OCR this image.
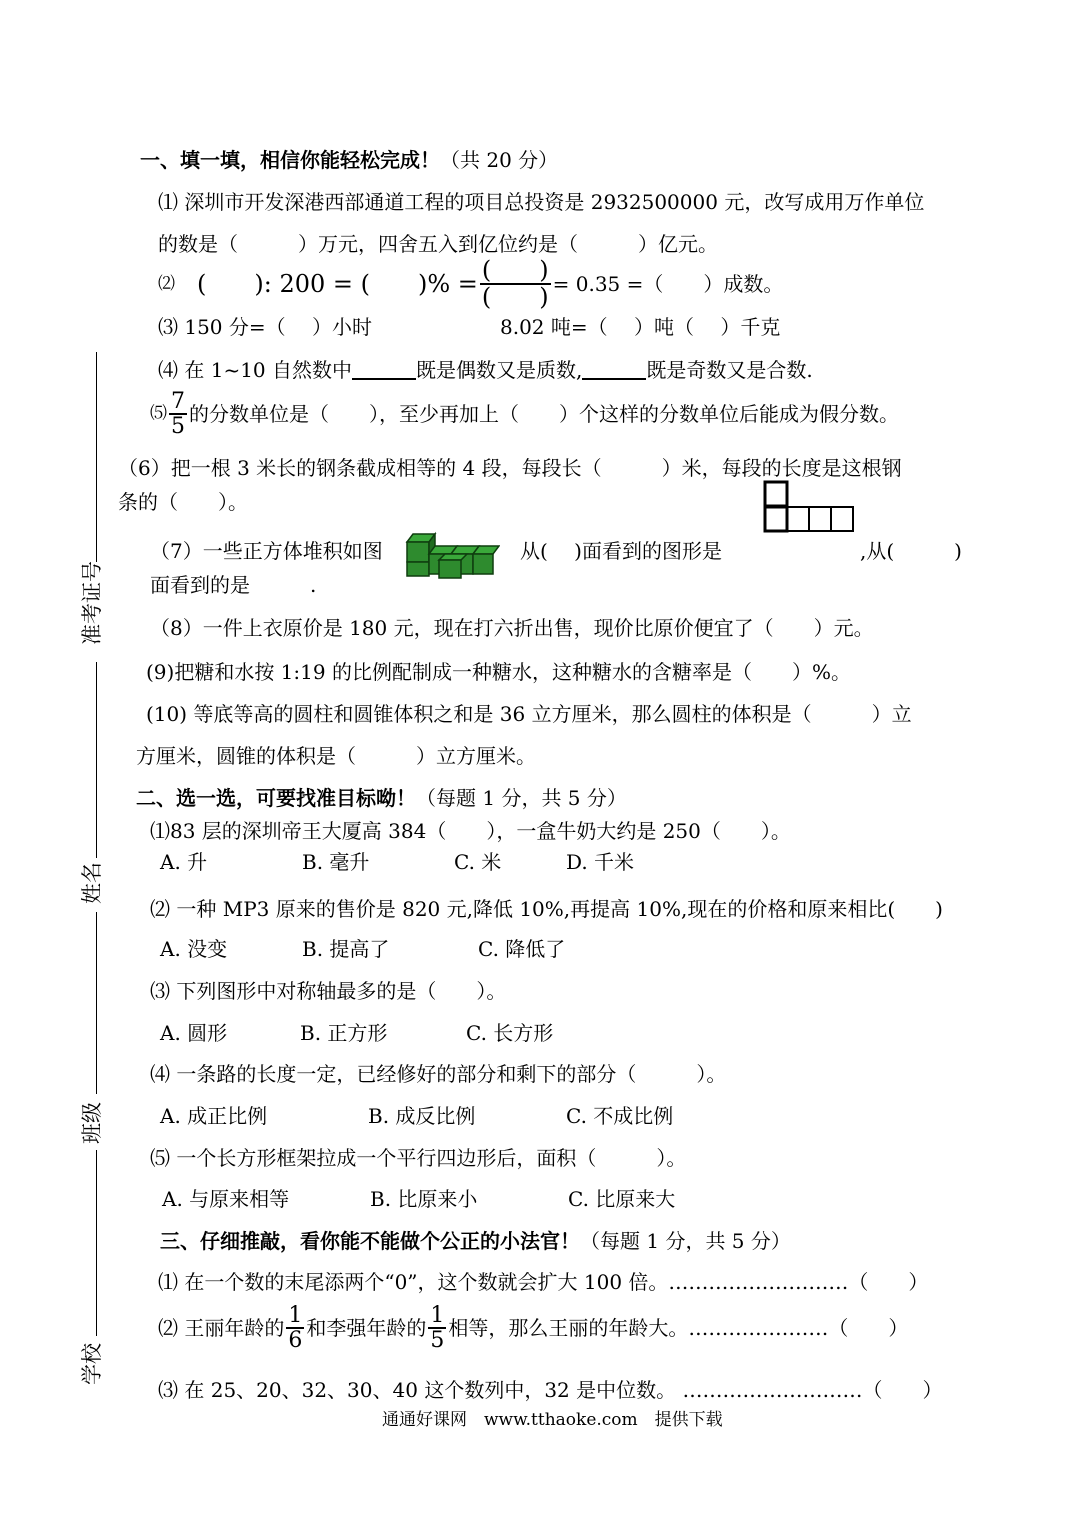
准考证号
姓名
班级
学校
一、填一填，相信你能轻松完成！（共 20 分）
⑴ 深圳市开发深港西部通道工程的项目总投资是 2932500000 元，改写成用万作单位
的数是（　　　）万元，四舍五入到亿位约是（　　　）亿元。
⑵ (　　): 200 = (　　)% = $\frac{( )}{( )} = 0.35$ =（　　）成数。
⑶ 150 分=（　 ）小时	8.02 吨=（　 ）吨（　 ）千克
⑷ 在 1~10 自然数中	既是偶数又是质数,	既是奇数又是合数.
⑸ $\frac{7}{5}$ 的分数单位是（　　），至少再加上（　　）个这样的分数单位后能成为假分数。
（6）把一根 3 米长的钢条截成相等的 4 段，每段长（　　　）米，每段的长度是这根钢
条的（　　）。
（7）一些正方体堆积如图	从(　 )面看到的图形是	,从(　　　)
面看到的是　　　.
（8）一件上衣原价是 180 元，现在打六折出售，现价比原价便宜了（　　）元。
(9)把糖和水按 1:19 的比例配制成一种糖水，这种糖水的含糖率是（　　）%。
(10) 等底等高的圆柱和圆锥体积之和是 36 立方厘米，那么圆柱的体积是（　　　）立
方厘米，圆锥的体积是（　　　）立方厘米。
二、选一选，可要找准目标呦！（每题 1 分，共 5 分）
⑴83 层的深圳帝王大厦高 384（　　），一盒牛奶大约是 250（　　）。
A. 升	B. 毫升	C. 米	D. 千米
⑵ 一种 MP3 原来的售价是 820 元,降低 10%,再提高 10%,现在的价格和原来相比(　　)
A. 没变	B. 提高了	C. 降低了
⑶ 下列图形中对称轴最多的是（　　）。
A. 圆形	B. 正方形	C. 长方形
⑷ 一条路的长度一定，已经修好的部分和剩下的部分（　　　）。
A. 成正比例	B. 成反比例	C. 不成比例
⑸ 一个长方形框架拉成一个平行四边形后，面积（　　　）。
A. 与原来相等	B. 比原来小	C. 比原来大
三、仔细推敲，看你能不能做个公正的小法官！（每题 1 分，共 5 分）
⑴ 在一个数的末尾添两个“0”，这个数就会扩大 100 倍。………………………（　　）
⑵ 王丽年龄的 $\frac{1}{6}$ 和李强年龄的 $\frac{1}{5}$ 相等，那么王丽的年龄大。…………………（　　）
⑶ 在 25、20、32、30、40 这个数列中，32 是中位数。 ………………………（　　）
通通好课网　www.tthaoke.com　提供下载
